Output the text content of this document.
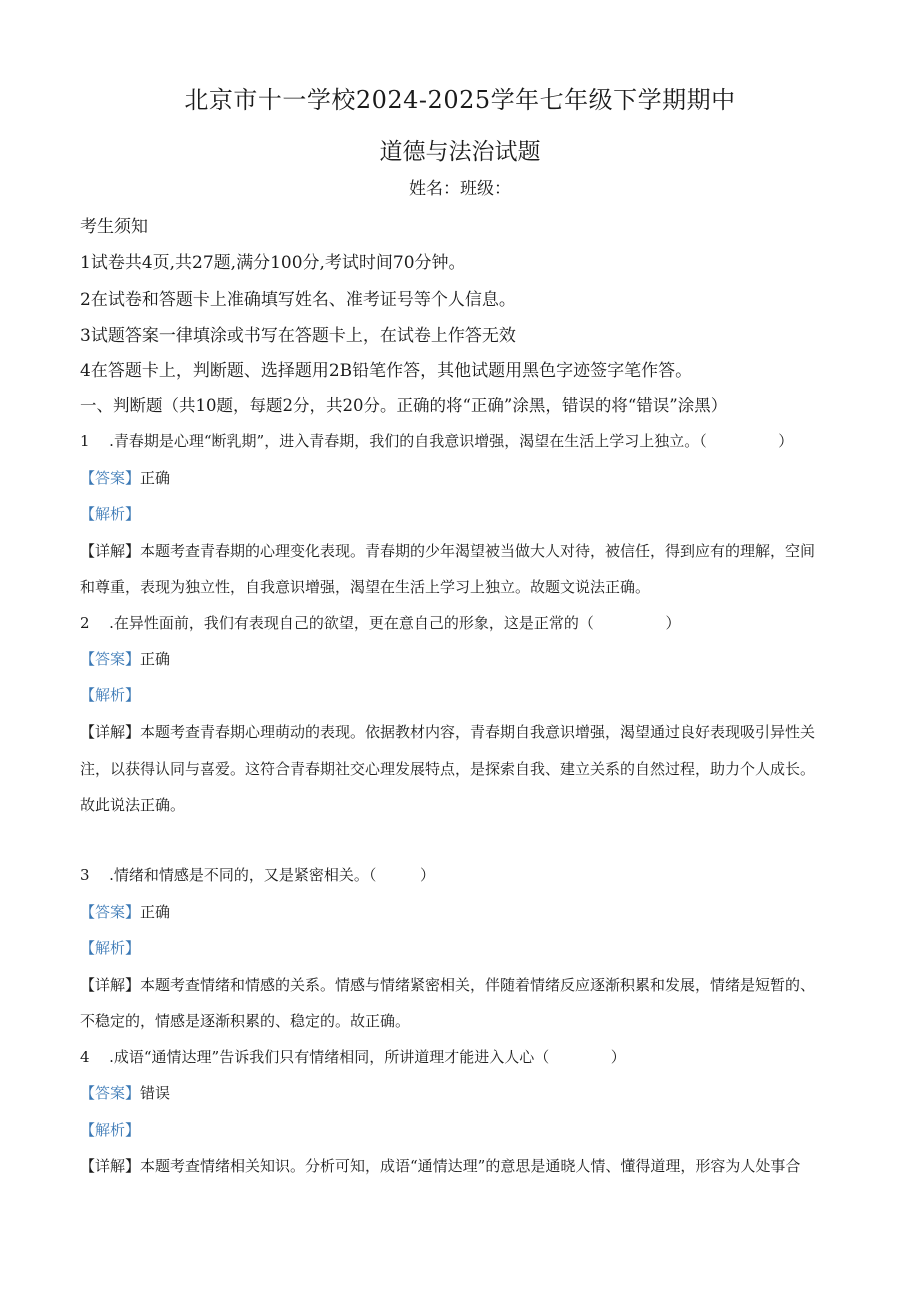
北京市十一学校2024-2025学年七年级下学期期中
道德与法治试题
姓名：班级：
考生须知
1试卷共4页,共27题,满分100分,考试时间70分钟。
2在试卷和答题卡上准确填写姓名、准考证号等个人信息。
3试题答案一律填涂或书写在答题卡上，在试卷上作答无效
4在答题卡上，判断题、选择题用2B铅笔作答，其他试题用黑色字迹签字笔作答。
一、判断题（共10题，每题2分，共20分。正确的将“正确”涂黑，错误的将“错误”涂黑）
1 .青春期是心理“断乳期”，进入青春期，我们的自我意识增强，渴望在生活上学习上独立。（	）
【答案】正确
【解析】
【详解】本题考查青春期的心理变化表现。青春期的少年渴望被当做大人对待，被信任，得到应有的理解，空间
和尊重，表现为独立性，自我意识增强，渴望在生活上学习上独立。故题文说法正确。
2 .在异性面前，我们有表现自己的欲望，更在意自己的形象，这是正常的（	）
【答案】正确
【解析】
【详解】本题考查青春期心理萌动的表现。依据教材内容，青春期自我意识增强，渴望通过良好表现吸引异性关
注，以获得认同与喜爱。这符合青春期社交心理发展特点，是探索自我、建立关系的自然过程，助力个人成长。
故此说法正确。
3 .情绪和情感是不同的，又是紧密相关。（	）
【答案】正确
【解析】
【详解】本题考查情绪和情感的关系。情感与情绪紧密相关，伴随着情绪反应逐渐积累和发展，情绪是短暂的、
不稳定的，情感是逐渐积累的、稳定的。故正确。
4 .成语“通情达理”告诉我们只有情绪相同，所讲道理才能进入人心（	）
【答案】错误
【解析】
【详解】本题考查情绪相关知识。分析可知，成语“通情达理”的意思是通晓人情、懂得道理，形容为人处事合
